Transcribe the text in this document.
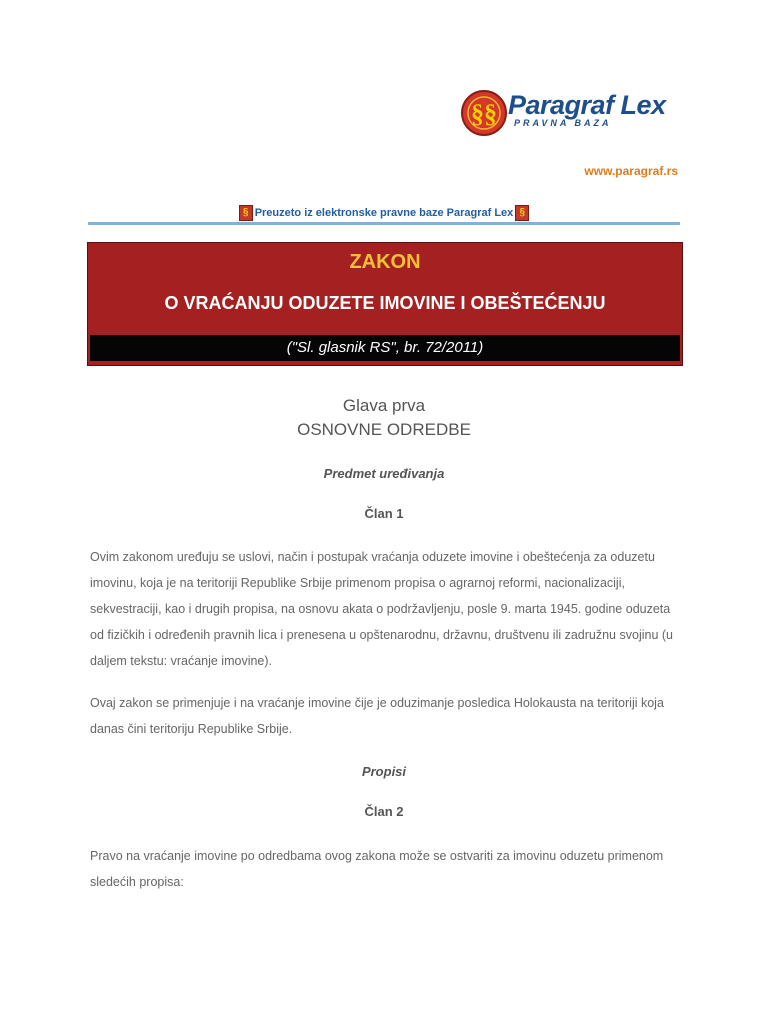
§§ Paragraf Lex
PRAVNA BAZA
www.paragraf.rs
§ Preuzeto iz elektronske pravne baze Paragraf Lex §
ZAKON
O VRAĆANJU ODUZETE IMOVINE I OBEŠTEĆENJU
("Sl. glasnik RS", br. 72/2011)
Glava prva
OSNOVNE ODREDBE
Predmet uređivanja
Član 1
Ovim zakonom uređuju se uslovi, način i postupak vraćanja oduzete imovine i obeštećenja za oduzetu imovinu, koja je na teritoriji Republike Srbije primenom propisa o agrarnoj reformi, nacionalizaciji, sekvestraciji, kao i drugih propisa, na osnovu akata o podržavljenju, posle 9. marta 1945. godine oduzeta od fizičkih i određenih pravnih lica i prenesena u opštenarodnu, državnu, društvenu ili zadružnu svojinu (u daljem tekstu: vraćanje imovine).
Ovaj zakon se primenjuje i na vraćanje imovine čije je oduzimanje posledica Holokausta na teritoriji koja danas čini teritoriju Republike Srbije.
Propisi
Član 2
Pravo na vraćanje imovine po odredbama ovog zakona može se ostvariti za imovinu oduzetu primenom sledećih propisa:
